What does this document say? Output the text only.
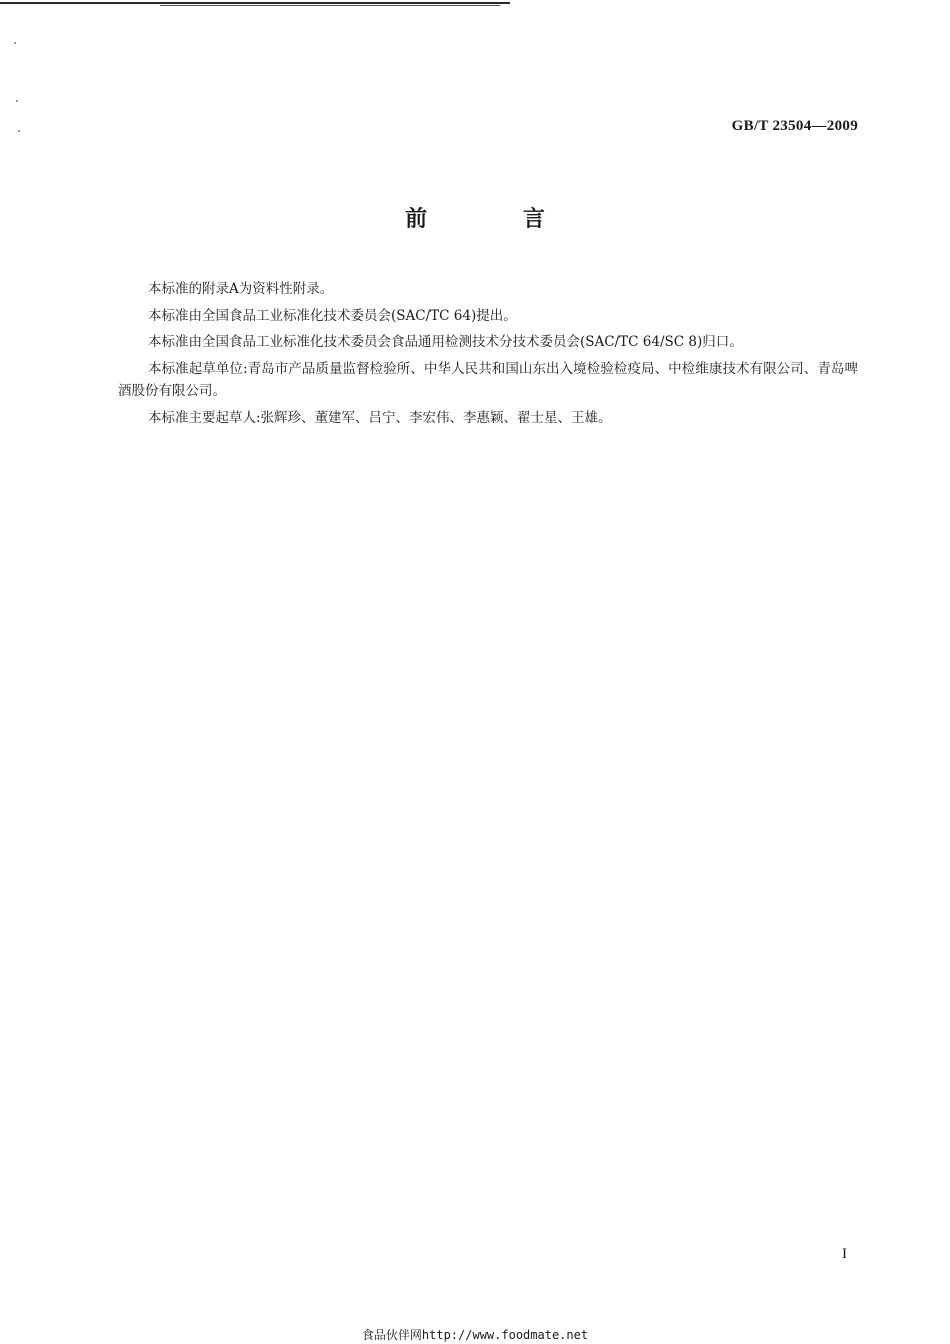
GB/T 23504—2009
前 言

本标准的附录A为资料性附录。

本标准由全国食品工业标准化技术委员会(SAC/TC 64)提出。

本标准由全国食品工业标准化技术委员会食品通用检测技术分技术委员会(SAC/TC 64/SC 8)归口。

本标准起草单位:青岛市产品质量监督检验所、中华人民共和国山东出入境检验检疫局、中检维康技术有限公司、青岛啤酒股份有限公司。

本标准主要起草人:张辉珍、董建军、吕宁、李宏伟、李惠颖、翟士星、王雄。

I
食品伙伴网http://www.foodmate.net
